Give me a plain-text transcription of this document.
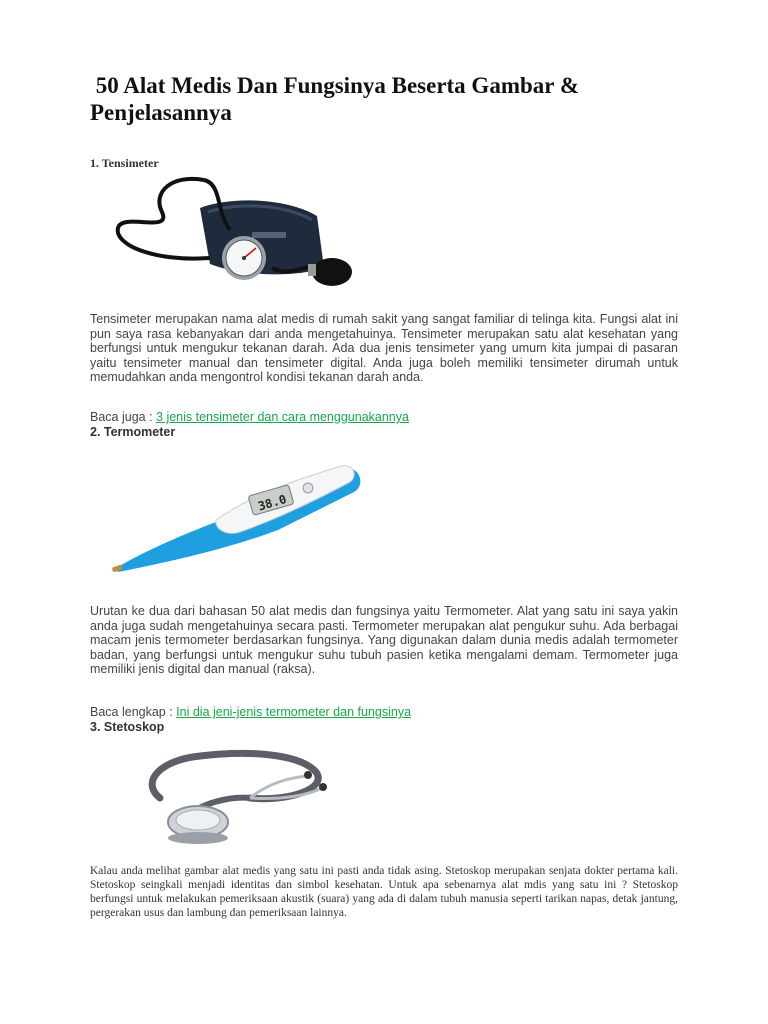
50 Alat Medis Dan Fungsinya Beserta Gambar & Penjelasannya
1. Tensimeter

Tensimeter merupakan nama alat medis di rumah sakit yang sangat familiar di telinga kita. Fungsi alat ini pun saya rasa kebanyakan dari anda mengetahuinya. Tensimeter merupakan satu alat kesehatan yang berfungsi untuk mengukur tekanan darah. Ada dua jenis tensimeter yang umum kita jumpai di pasaran yaitu tensimeter manual dan tensimeter digital. Anda juga boleh memiliki tensimeter dirumah untuk memudahkan anda mengontrol kondisi tekanan darah anda.

Baca juga : 3 jenis tensimeter dan cara menggunakannya

2. Termometer
38.0

Urutan ke dua dari bahasan 50 alat medis dan fungsinya yaitu Termometer. Alat yang satu ini saya yakin anda juga sudah mengetahuinya secara pasti. Termometer merupakan alat pengukur suhu. Ada berbagai macam jenis termometer berdasarkan fungsinya. Yang digunakan dalam dunia medis adalah termometer badan, yang berfungsi untuk mengukur suhu tubuh pasien ketika mengalami demam. Termometer juga memiliki jenis digital dan manual (raksa).

Baca lengkap : Ini dia jeni-jenis termometer dan fungsinya

3. Stetoskop

Kalau anda melihat gambar alat medis yang satu ini pasti anda tidak asing. Stetoskop merupakan senjata dokter pertama kali. Stetoskop seingkali menjadi identitas dan simbol kesehatan. Untuk apa sebenarnya alat mdis yang satu ini ? Stetoskop berfungsi untuk melakukan pemeriksaan akustik (suara) yang ada di dalam tubuh manusia seperti tarikan napas, detak jantung, pergerakan usus dan lambung dan pemeriksaan lainnya.
